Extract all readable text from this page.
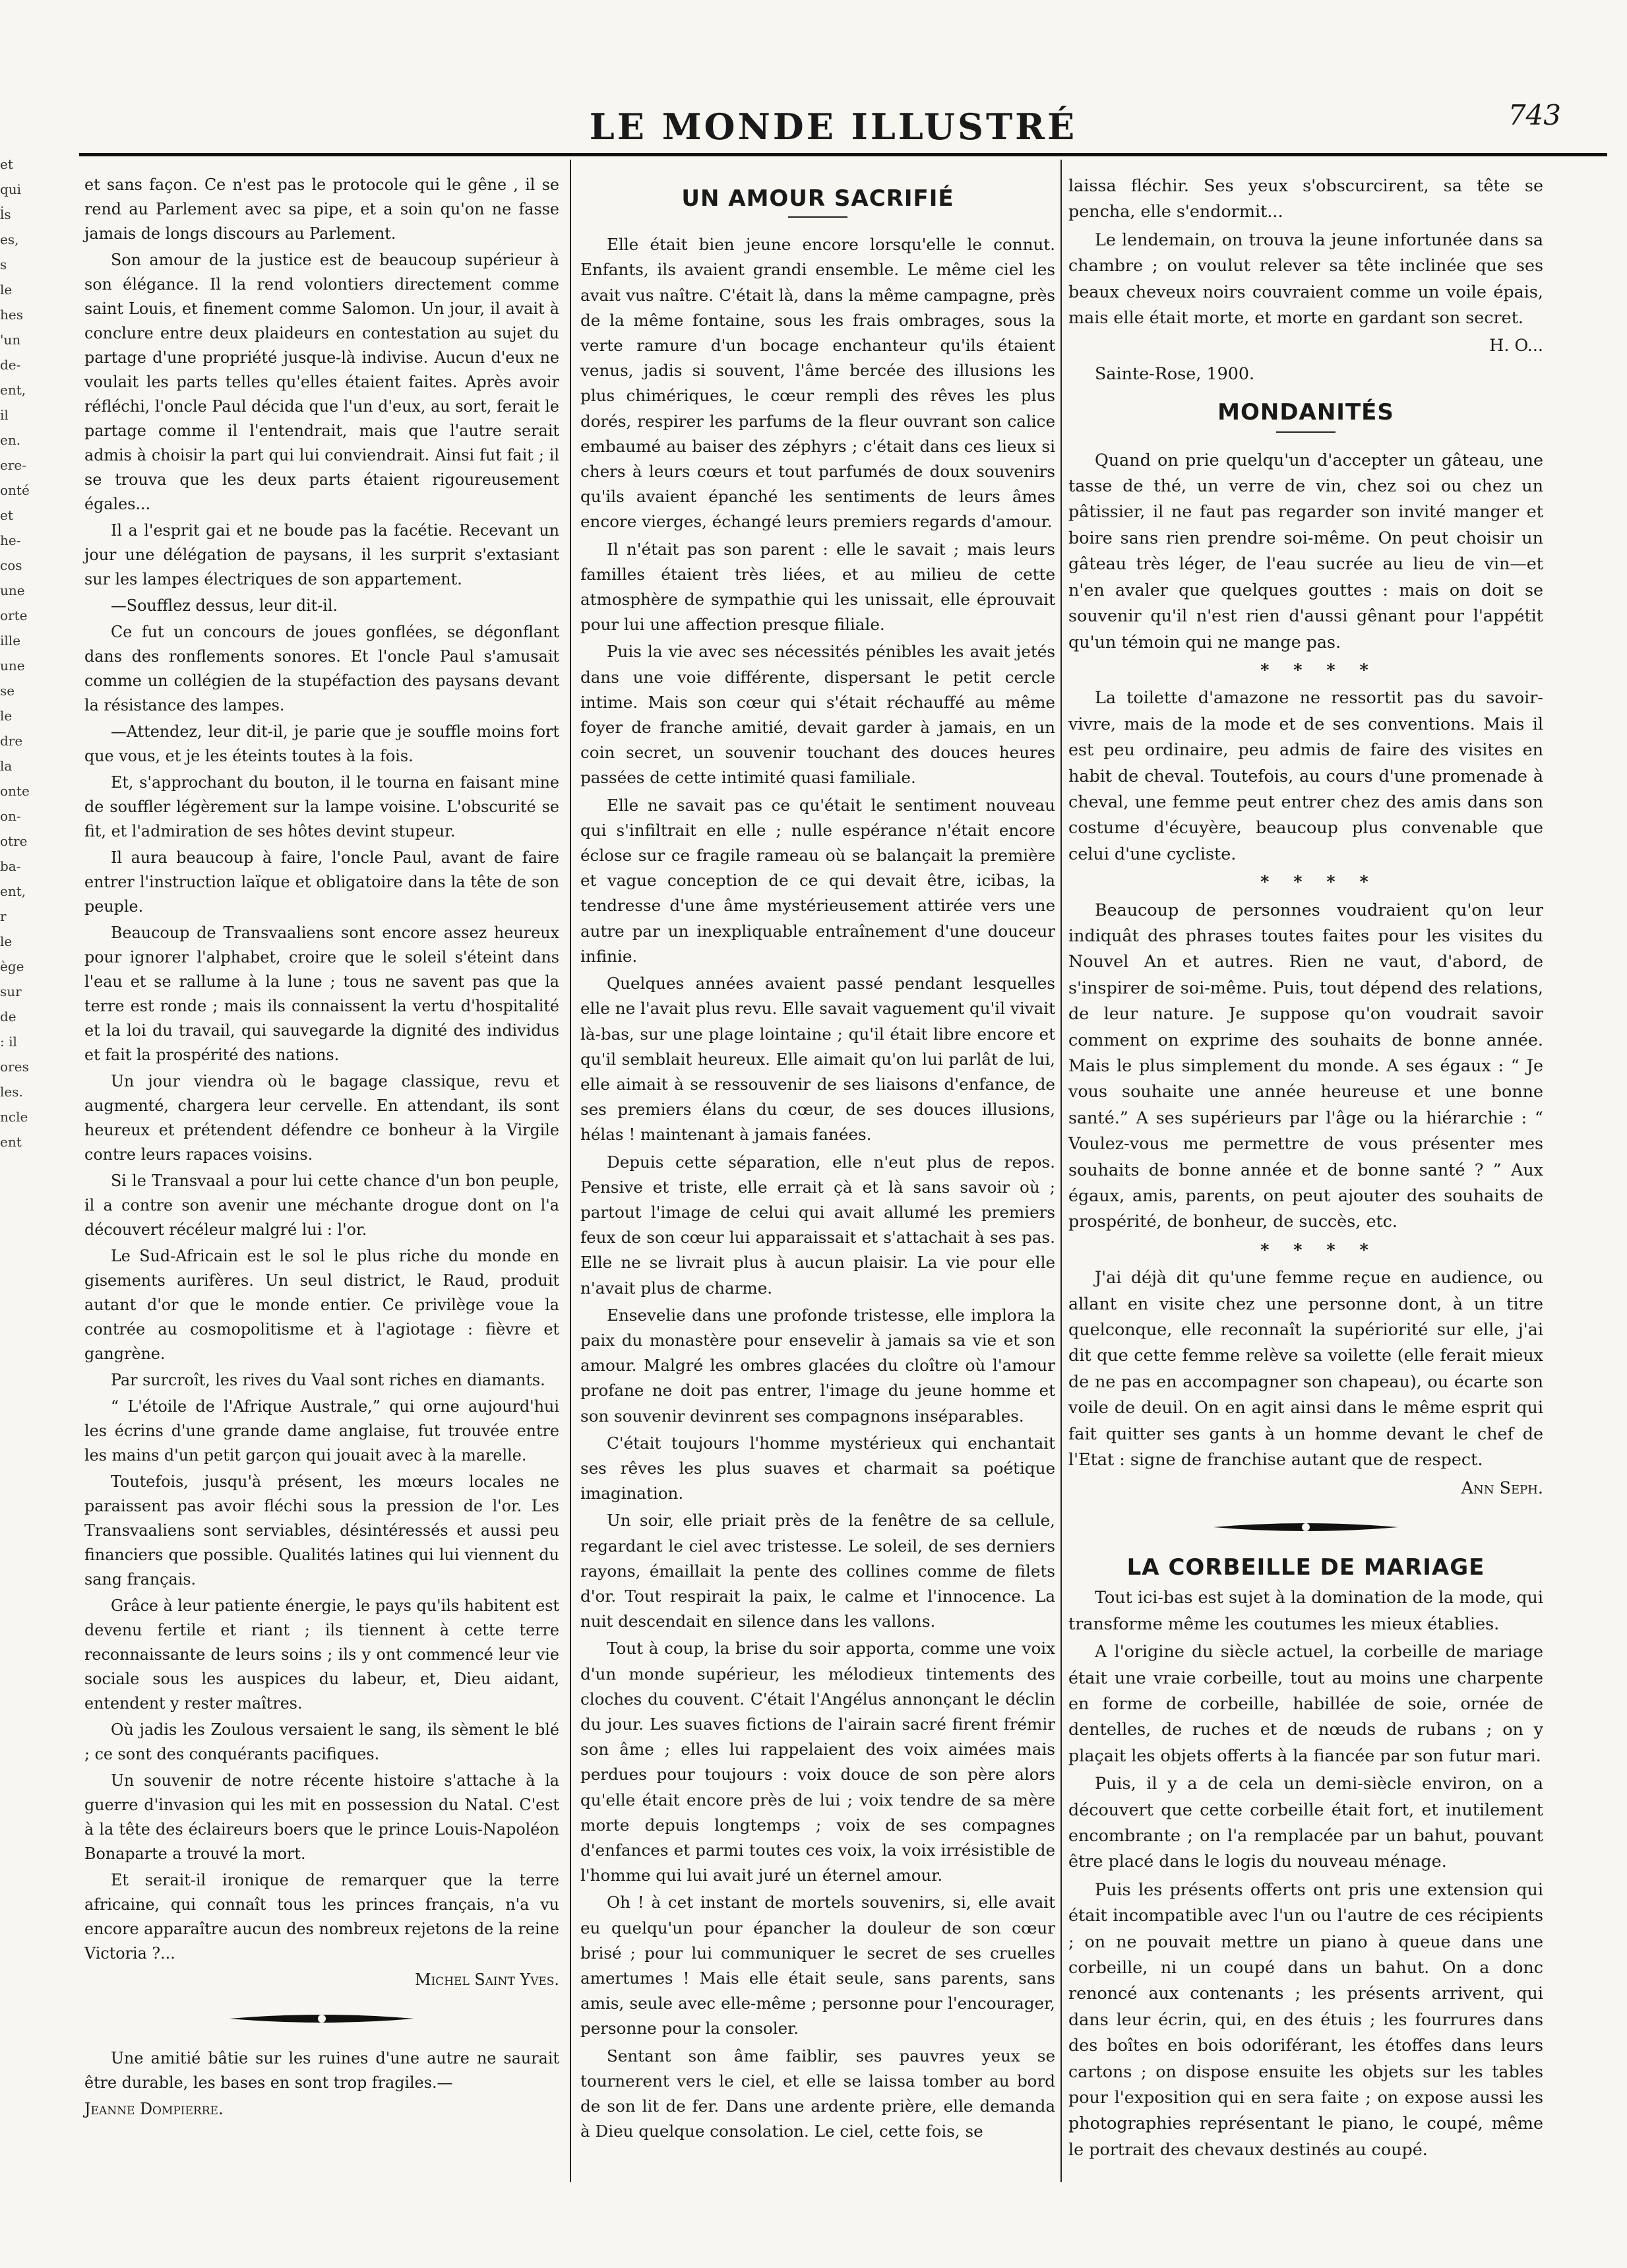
et
qui
l̇s
es,
s le
hes
'un
de-
ent,
il
en.
ere-
onté
et
he-
cos
une
orte
ille
une
se
le
dre
la
onte
on-
otre
ba-
ent,
r le
ège
sur
de
: il
ores
les.
ncle
ent
LE MONDE ILLUSTRÉ	743

et sans façon. Ce n'est pas le protocole qui le gêne , il se rend au Parlement avec sa pipe, et a soin qu'on ne fasse jamais de longs discours au Parlement.

Son amour de la justice est de beaucoup supérieur à son élégance. Il la rend volontiers directement comme saint Louis, et finement comme Salomon. Un jour, il avait à conclure entre deux plaideurs en contestation au sujet du partage d'une propriété jusque-là indivise. Aucun d'eux ne voulait les parts telles qu'elles étaient faites. Après avoir réfléchi, l'oncle Paul décida que l'un d'eux, au sort, ferait le partage comme il l'entendrait, mais que l'autre serait admis à choisir la part qui lui conviendrait. Ainsi fut fait ; il se trouva que les deux parts étaient rigoureusement égales...

Il a l'esprit gai et ne boude pas la facétie. Recevant un jour une délégation de paysans, il les surprit s'extasiant sur les lampes électriques de son appartement.

—Soufflez dessus, leur dit-il.

Ce fut un concours de joues gonflées, se dégonflant dans des ronflements sonores. Et l'oncle Paul s'amusait comme un collégien de la stupéfaction des paysans devant la résistance des lampes.

—Attendez, leur dit-il, je parie que je souffle moins fort que vous, et je les éteints toutes à la fois.

Et, s'approchant du bouton, il le tourna en faisant mine de souffler légèrement sur la lampe voisine. L'obscurité se fit, et l'admiration de ses hôtes devint stupeur.

Il aura beaucoup à faire, l'oncle Paul, avant de faire entrer l'instruction laïque et obligatoire dans la tête de son peuple.

Beaucoup de Transvaaliens sont encore assez heureux pour ignorer l'alphabet, croire que le soleil s'éteint dans l'eau et se rallume à la lune ; tous ne savent pas que la terre est ronde ; mais ils connaissent la vertu d'hospitalité et la loi du travail, qui sauvegarde la dignité des individus et fait la prospérité des nations.

Un jour viendra où le bagage classique, revu et augmenté, chargera leur cervelle. En attendant, ils sont heureux et prétendent défendre ce bonheur à la Virgile contre leurs rapaces voisins.

Si le Transvaal a pour lui cette chance d'un bon peuple, il a contre son avenir une méchante drogue dont on l'a découvert récéleur malgré lui : l'or.

Le Sud-Africain est le sol le plus riche du monde en gisements aurifères. Un seul district, le Raud, produit autant d'or que le monde entier. Ce privilège voue la contrée au cosmopolitisme et à l'agiotage : fièvre et gangrène.

Par surcroît, les rives du Vaal sont riches en diamants.

“ L'étoile de l'Afrique Australe,” qui orne aujourd'hui les écrins d'une grande dame anglaise, fut trouvée entre les mains d'un petit garçon qui jouait avec à la marelle.

Toutefois, jusqu'à présent, les mœurs locales ne paraissent pas avoir fléchi sous la pression de l'or. Les Transvaaliens sont serviables, désintéressés et aussi peu financiers que possible. Qualités latines qui lui viennent du sang français.

Grâce à leur patiente énergie, le pays qu'ils habitent est devenu fertile et riant ; ils tiennent à cette terre reconnaissante de leurs soins ; ils y ont commencé leur vie sociale sous les auspices du labeur, et, Dieu aidant, entendent y rester maîtres.

Où jadis les Zoulous versaient le sang, ils sèment le blé ; ce sont des conquérants pacifiques.

Un souvenir de notre récente histoire s'attache à la guerre d'invasion qui les mit en possession du Natal. C'est à la tête des éclaireurs boers que le prince Louis-Napoléon Bonaparte a trouvé la mort.

Et serait-il ironique de remarquer que la terre africaine, qui connaît tous les princes français, n'a vu encore apparaître aucun des nombreux rejetons de la reine Victoria ?...

Michel Saint Yves.

Une amitié bâtie sur les ruines d'une autre ne saurait être durable, les bases en sont trop fragiles.—

Jeanne Dompierre.

UN AMOUR SACRIFIÉ

Elle était bien jeune encore lorsqu'elle le connut. Enfants, ils avaient grandi ensemble. Le même ciel les avait vus naître. C'était là, dans la même campagne, près de la même fontaine, sous les frais ombrages, sous la verte ramure d'un bocage enchanteur qu'ils étaient venus, jadis si souvent, l'âme bercée des illusions les plus chimériques, le cœur rempli des rêves les plus dorés, respirer les parfums de la fleur ouvrant son calice embaumé au baiser des zéphyrs ; c'était dans ces lieux si chers à leurs cœurs et tout parfumés de doux souvenirs qu'ils avaient épanché les sentiments de leurs âmes encore vierges, échangé leurs premiers regards d'amour.

Il n'était pas son parent : elle le savait ; mais leurs familles étaient très liées, et au milieu de cette atmosphère de sympathie qui les unissait, elle éprouvait pour lui une affection presque filiale.

Puis la vie avec ses nécessités pénibles les avait jetés dans une voie différente, dispersant le petit cercle intime. Mais son cœur qui s'était réchauffé au même foyer de franche amitié, devait garder à jamais, en un coin secret, un souvenir touchant des douces heures passées de cette intimité quasi familiale.

Elle ne savait pas ce qu'était le sentiment nouveau qui s'infiltrait en elle ; nulle espérance n'était encore éclose sur ce fragile rameau où se balançait la première et vague conception de ce qui devait être, icibas, la tendresse d'une âme mystérieusement attirée vers une autre par un inexpliquable entraînement d'une douceur infinie.

Quelques années avaient passé pendant lesquelles elle ne l'avait plus revu. Elle savait vaguement qu'il vivait là-bas, sur une plage lointaine ; qu'il était libre encore et qu'il semblait heureux. Elle aimait qu'on lui parlât de lui, elle aimait à se ressouvenir de ses liaisons d'enfance, de ses premiers élans du cœur, de ses douces illusions, hélas ! maintenant à jamais fanées.

Depuis cette séparation, elle n'eut plus de repos. Pensive et triste, elle errait çà et là sans savoir où ; partout l'image de celui qui avait allumé les premiers feux de son cœur lui apparaissait et s'attachait à ses pas. Elle ne se livrait plus à aucun plaisir. La vie pour elle n'avait plus de charme.

Ensevelie dans une profonde tristesse, elle implora la paix du monastère pour ensevelir à jamais sa vie et son amour. Malgré les ombres glacées du cloître où l'amour profane ne doit pas entrer, l'image du jeune homme et son souvenir devinrent ses compagnons inséparables.

C'était toujours l'homme mystérieux qui enchantait ses rêves les plus suaves et charmait sa poétique imagination.

Un soir, elle priait près de la fenêtre de sa cellule, regardant le ciel avec tristesse. Le soleil, de ses derniers rayons, émaillait la pente des collines comme de filets d'or. Tout respirait la paix, le calme et l'innocence. La nuit descendait en silence dans les vallons.

Tout à coup, la brise du soir apporta, comme une voix d'un monde supérieur, les mélodieux tintements des cloches du couvent. C'était l'Angélus annonçant le déclin du jour. Les suaves fictions de l'airain sacré firent frémir son âme ; elles lui rappelaient des voix aimées mais perdues pour toujours : voix douce de son père alors qu'elle était encore près de lui ; voix tendre de sa mère morte depuis longtemps ; voix de ses compagnes d'enfances et parmi toutes ces voix, la voix irrésistible de l'homme qui lui avait juré un éternel amour.

Oh ! à cet instant de mortels souvenirs, si, elle avait eu quelqu'un pour épancher la douleur de son cœur brisé ; pour lui communiquer le secret de ses cruelles amertumes ! Mais elle était seule, sans parents, sans amis, seule avec elle-même ; personne pour l'encourager, personne pour la consoler.

Sentant son âme faiblir, ses pauvres yeux se tournerent vers le ciel, et elle se laissa tomber au bord de son lit de fer. Dans une ardente prière, elle demanda à Dieu quelque consolation. Le ciel, cette fois, se

laissa fléchir. Ses yeux s'obscurcirent, sa tête se pencha, elle s'endormit...

Le lendemain, on trouva la jeune infortunée dans sa chambre ; on voulut relever sa tête inclinée que ses beaux cheveux noirs couvraient comme un voile épais, mais elle était morte, et morte en gardant son secret.

H. O...

Sainte-Rose, 1900.

MONDANITÉS

Quand on prie quelqu'un d'accepter un gâteau, une tasse de thé, un verre de vin, chez soi ou chez un pâtissier, il ne faut pas regarder son invité manger et boire sans rien prendre soi-même. On peut choisir un gâteau très léger, de l'eau sucrée au lieu de vin—et n'en avaler que quelques gouttes : mais on doit se souvenir qu'il n'est rien d'aussi gênant pour l'appétit qu'un témoin qui ne mange pas.

* * * *

La toilette d'amazone ne ressortit pas du savoir-vivre, mais de la mode et de ses conventions. Mais il est peu ordinaire, peu admis de faire des visites en habit de cheval. Toutefois, au cours d'une promenade à cheval, une femme peut entrer chez des amis dans son costume d'écuyère, beaucoup plus convenable que celui d'une cycliste.

* * * *

Beaucoup de personnes voudraient qu'on leur indiquât des phrases toutes faites pour les visites du Nouvel An et autres. Rien ne vaut, d'abord, de s'inspirer de soi-même. Puis, tout dépend des relations, de leur nature. Je suppose qu'on voudrait savoir comment on exprime des souhaits de bonne année. Mais le plus simplement du monde. A ses égaux : “ Je vous souhaite une année heureuse et une bonne santé.” A ses supérieurs par l'âge ou la hiérarchie : “ Voulez-vous me permettre de vous présenter mes souhaits de bonne année et de bonne santé ? ” Aux égaux, amis, parents, on peut ajouter des souhaits de prospérité, de bonheur, de succès, etc.

* * * *

J'ai déjà dit qu'une femme reçue en audience, ou allant en visite chez une personne dont, à un titre quelconque, elle reconnaît la supériorité sur elle, j'ai dit que cette femme relève sa voilette (elle ferait mieux de ne pas en accompagner son chapeau), ou écarte son voile de deuil. On en agit ainsi dans le même esprit qui fait quitter ses gants à un homme devant le chef de l'Etat : signe de franchise autant que de respect.

Ann Seph.

LA CORBEILLE DE MARIAGE

Tout ici-bas est sujet à la domination de la mode, qui transforme même les coutumes les mieux établies.

A l'origine du siècle actuel, la corbeille de mariage était une vraie corbeille, tout au moins une charpente en forme de corbeille, habillée de soie, ornée de dentelles, de ruches et de nœuds de rubans ; on y plaçait les objets offerts à la fiancée par son futur mari.

Puis, il y a de cela un demi-siècle environ, on a découvert que cette corbeille était fort, et inutilement encombrante ; on l'a remplacée par un bahut, pouvant être placé dans le logis du nouveau ménage.

Puis les présents offerts ont pris une extension qui était incompatible avec l'un ou l'autre de ces récipients ; on ne pouvait mettre un piano à queue dans une corbeille, ni un coupé dans un bahut. On a donc renoncé aux contenants ; les présents arrivent, qui dans leur écrin, qui, en des étuis ; les fourrures dans des boîtes en bois odoriférant, les étoffes dans leurs cartons ; on dispose ensuite les objets sur les tables pour l'exposition qui en sera faite ; on expose aussi les photographies représentant le piano, le coupé, même le portrait des chevaux destinés au coupé.
